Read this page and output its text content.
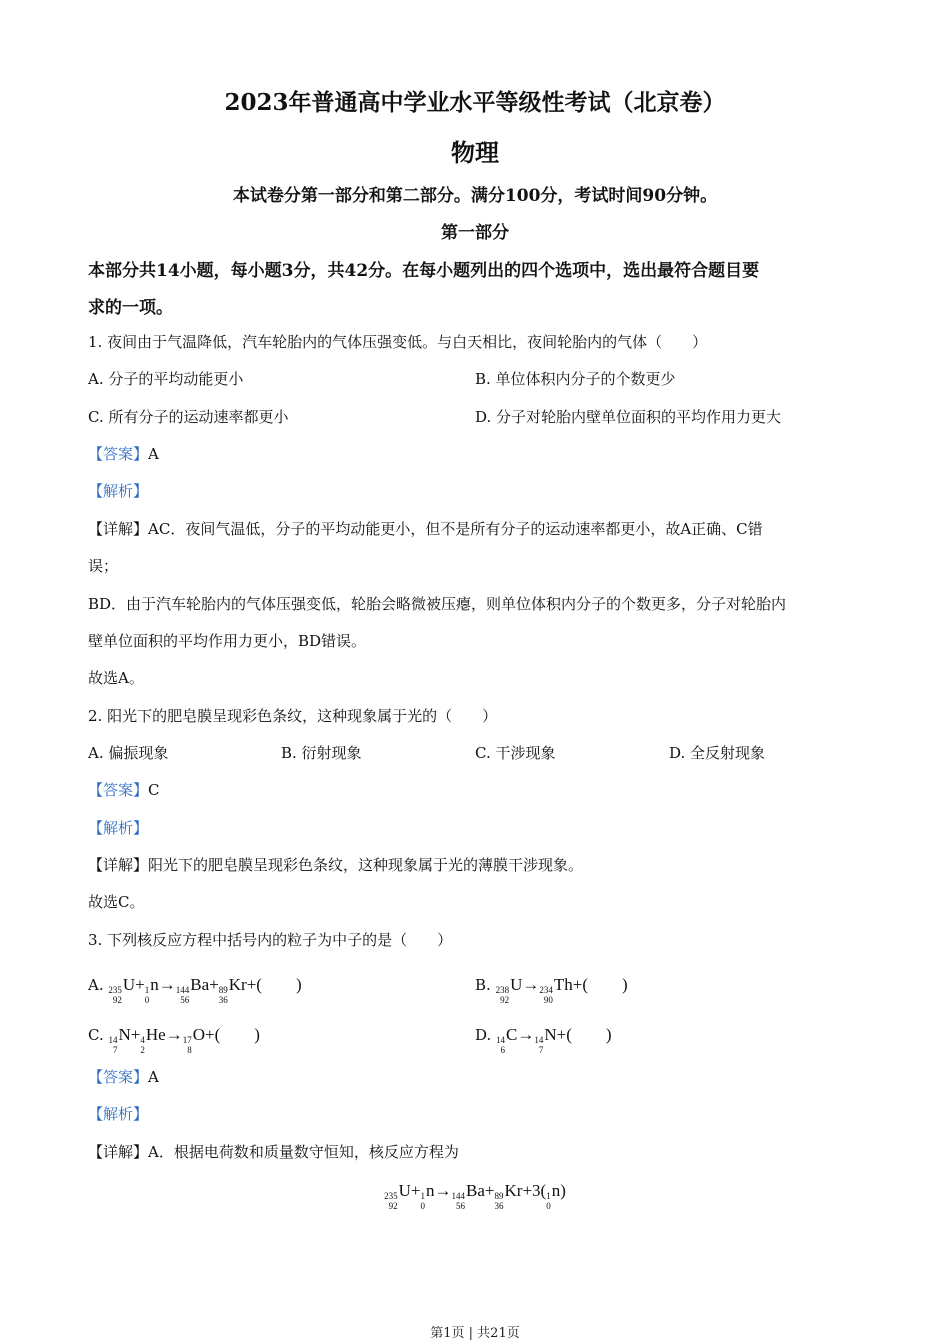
2023年普通高中学业水平等级性考试（北京卷）
物理
本试卷分第一部分和第二部分。满分100分，考试时间90分钟。
第一部分
本部分共14小题，每小题3分，共42分。在每小题列出的四个选项中，选出最符合题目要
求的一项。
1. 夜间由于气温降低，汽车轮胎内的气体压强变低。与白天相比，夜间轮胎内的气体（　　）
A. 分子的平均动能更小	B. 单位体积内分子的个数更少
C. 所有分子的运动速率都更小	D. 分子对轮胎内壁单位面积的平均作用力更大
【答案】A
【解析】
【详解】AC．夜间气温低，分子的平均动能更小，但不是所有分子的运动速率都更小，故A正确、C错
误；
BD．由于汽车轮胎内的气体压强变低，轮胎会略微被压瘪，则单位体积内分子的个数更多，分子对轮胎内
壁单位面积的平均作用力更小，BD错误。
故选A。
2. 阳光下的肥皂膜呈现彩色条纹，这种现象属于光的（　　）
A. 偏振现象	B. 衍射现象	C. 干涉现象	D. 全反射现象
【答案】C
【解析】
【详解】阳光下的肥皂膜呈现彩色条纹，这种现象属于光的薄膜干涉现象。
故选C。
3. 下列核反应方程中括号内的粒子为中子的是（　　）
A. 235
92
U+ 1
0
n→ 144
56
Ba+ 89
36
Kr+(　　)	B. 238
92
U→ 234
90
Th+(　　)
C. 14
7
N+ 4
2
He→ 17
8
O+(　　)	D. 14
6
C→ 14
7
N+(　　)
【答案】A
【解析】
【详解】A．根据电荷数和质量数守恒知，核反应方程为
235
92
U+ 1
0
n→ 144
56
Ba+ 89
36
Kr+3( 1
0
n)
第1页 | 共21页
